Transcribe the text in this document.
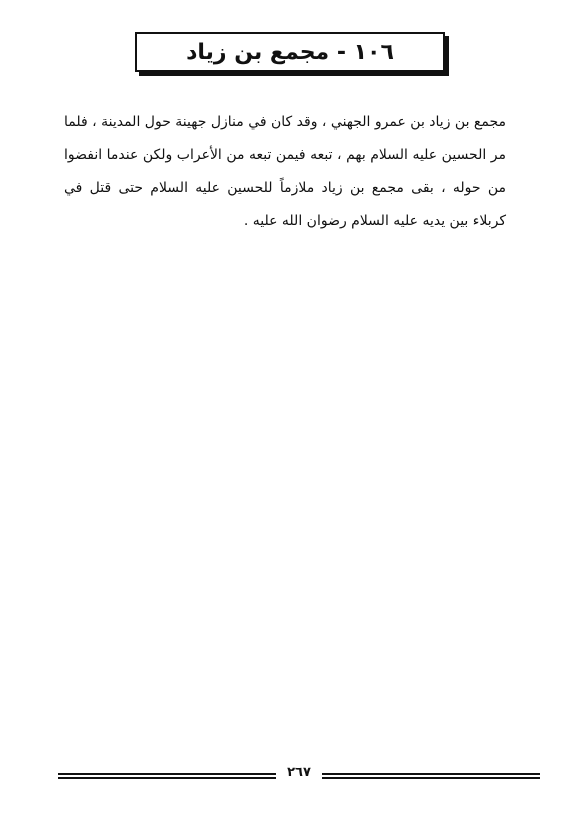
١٠٦ - مجمع بن زياد

مجمع بن زياد بن عمرو الجهني ، وقد كان في منازل جهينة حول المدينة ، فلما مر الحسين عليه السلام بهم ، تبعه فيمن تبعه من الأعراب ولكن عندما انفضوا من حوله ، بقى مجمع بن زياد ملازماً للحسين عليه السلام حتى قتل في كربلاء بين يديه عليه السلام رضوان الله عليه .

٢٦٧
